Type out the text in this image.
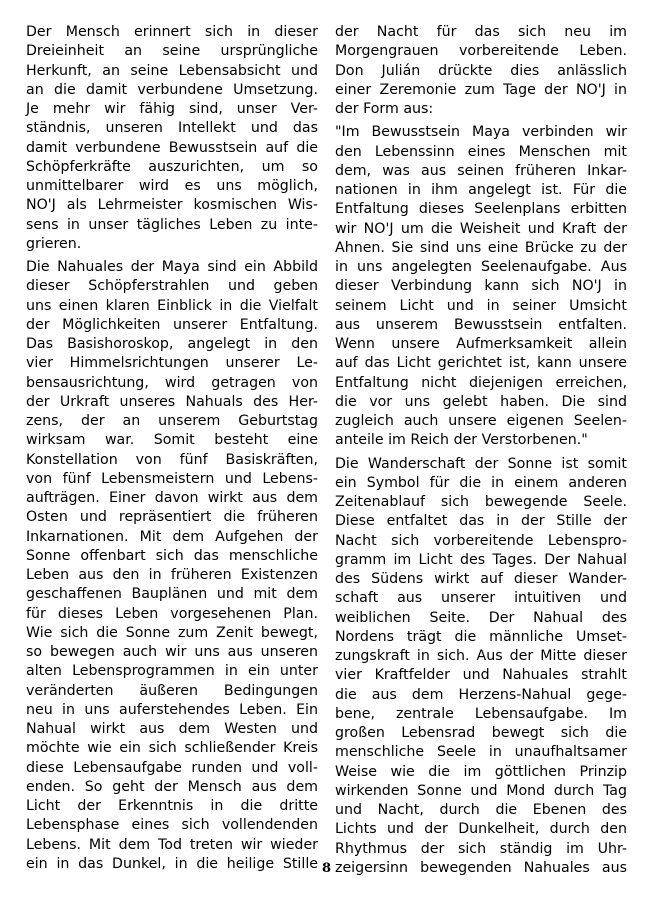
Der Mensch erinnert sich in dieser
Dreieinheit an seine ursprüngliche
Herkunft, an seine Lebensabsicht und
an die damit verbundene Umsetzung.
Je mehr wir fähig sind, unser Ver-
ständnis, unseren Intellekt und das
damit verbundene Bewusstsein auf die
Schöpferkräfte auszurichten, um so
unmittelbarer wird es uns möglich,
NO'J als Lehrmeister kosmischen Wis-
sens in unser tägliches Leben zu inte-
grieren.
Die Nahuales der Maya sind ein Abbild
dieser Schöpferstrahlen und geben
uns einen klaren Einblick in die Vielfalt
der Möglichkeiten unserer Entfaltung.
Das Basishoroskop, angelegt in den
vier Himmelsrichtungen unserer Le-
bensausrichtung, wird getragen von
der Urkraft unseres Nahuals des Her-
zens, der an unserem Geburtstag
wirksam war. Somit besteht eine
Konstellation von fünf Basiskräften,
von fünf Lebensmeistern und Lebens-
aufträgen. Einer davon wirkt aus dem
Osten und repräsentiert die früheren
Inkarnationen. Mit dem Aufgehen der
Sonne offenbart sich das menschliche
Leben aus den in früheren Existenzen
geschaffenen Bauplänen und mit dem
für dieses Leben vorgesehenen Plan.
Wie sich die Sonne zum Zenit bewegt,
so bewegen auch wir uns aus unseren
alten Lebensprogrammen in ein unter
veränderten äußeren Bedingungen
neu in uns auferstehendes Leben. Ein
Nahual wirkt aus dem Westen und
möchte wie ein sich schließender Kreis
diese Lebensaufgabe runden und voll-
enden. So geht der Mensch aus dem
Licht der Erkenntnis in die dritte
Lebensphase eines sich vollendenden
Lebens. Mit dem Tod treten wir wieder
ein in das Dunkel, in die heilige Stille
der Nacht für das sich neu im
Morgengrauen vorbereitende Leben.
Don Julián drückte dies anlässlich
einer Zeremonie zum Tage der NO'J in
der Form aus:
"Im Bewusstsein Maya verbinden wir
den Lebenssinn eines Menschen mit
dem, was aus seinen früheren Inkar-
nationen in ihm angelegt ist. Für die
Entfaltung dieses Seelenplans erbitten
wir NO'J um die Weisheit und Kraft der
Ahnen. Sie sind uns eine Brücke zu der
in uns angelegten Seelenaufgabe. Aus
dieser Verbindung kann sich NO'J in
seinem Licht und in seiner Umsicht
aus unserem Bewusstsein entfalten.
Wenn unsere Aufmerksamkeit allein
auf das Licht gerichtet ist, kann unsere
Entfaltung nicht diejenigen erreichen,
die vor uns gelebt haben. Die sind
zugleich auch unsere eigenen Seelen-
anteile im Reich der Verstorbenen."
Die Wanderschaft der Sonne ist somit
ein Symbol für die in einem anderen
Zeitenablauf sich bewegende Seele.
Diese entfaltet das in der Stille der
Nacht sich vorbereitende Lebenspro-
gramm im Licht des Tages. Der Nahual
des Südens wirkt auf dieser Wander-
schaft aus unserer intuitiven und
weiblichen Seite. Der Nahual des
Nordens trägt die männliche Umset-
zungskraft in sich. Aus der Mitte dieser
vier Kraftfelder und Nahuales strahlt
die aus dem Herzens-Nahual gege-
bene, zentrale Lebensaufgabe. Im
großen Lebensrad bewegt sich die
menschliche Seele in unaufhaltsamer
Weise wie die im göttlichen Prinzip
wirkenden Sonne und Mond durch Tag
und Nacht, durch die Ebenen des
Lichts und der Dunkelheit, durch den
Rhythmus der sich ständig im Uhr-
zeigersinn bewegenden Nahuales aus
8
